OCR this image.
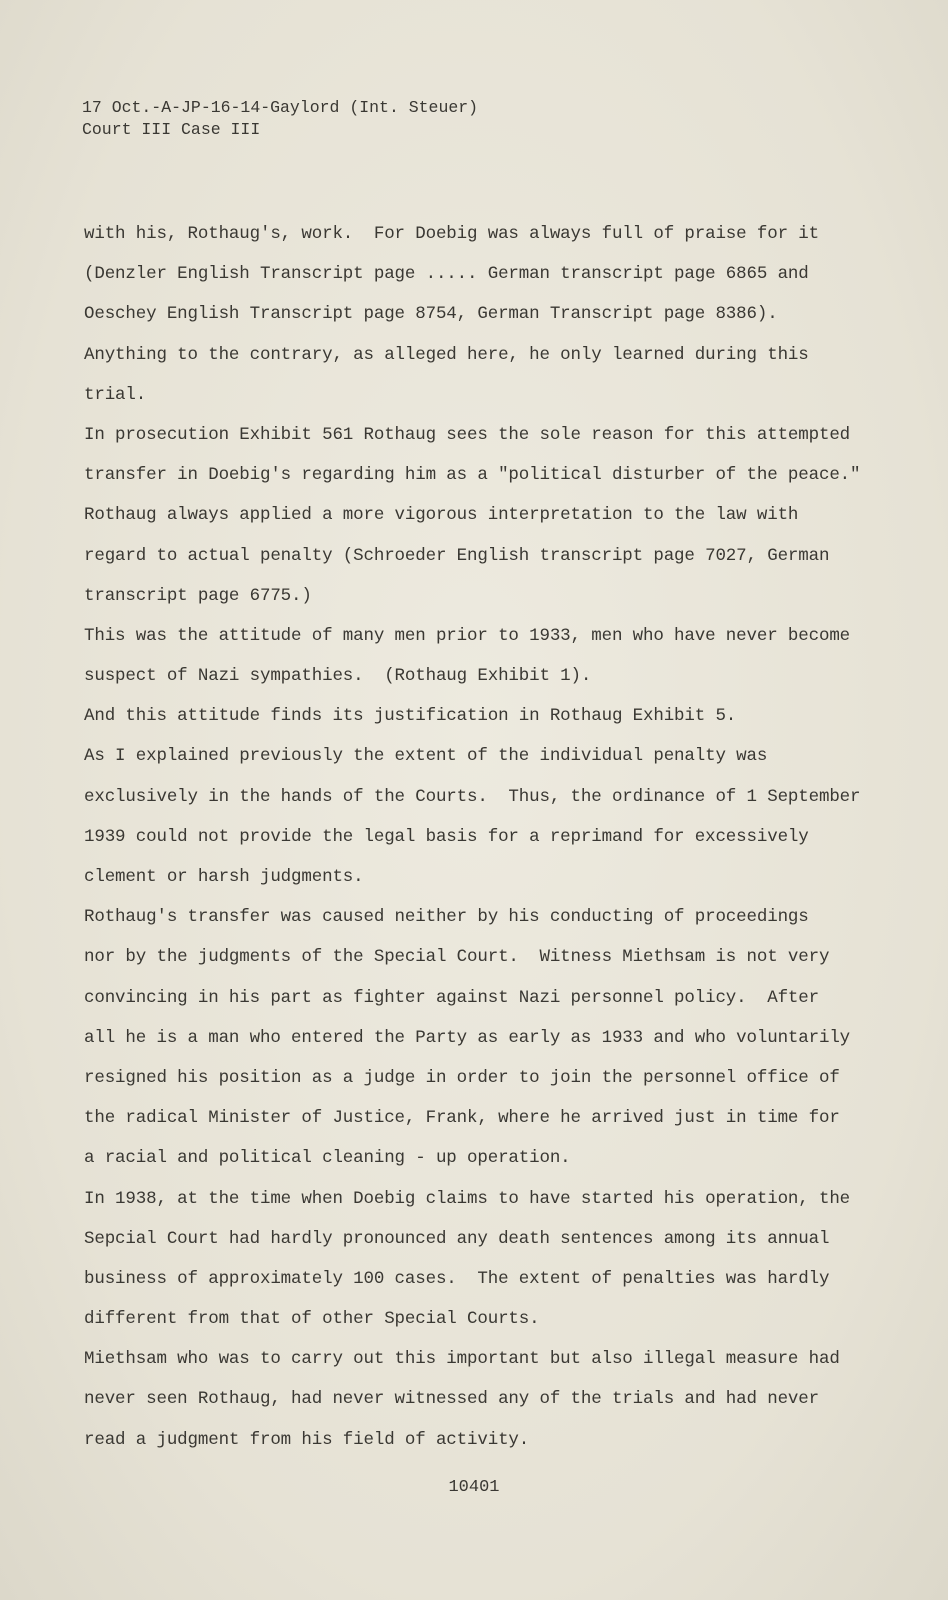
17 Oct.-A-JP-16-14-Gaylord (Int. Steuer)
Court III Case III
with his, Rothaug's, work.  For Doebig was always full of praise for it
(Denzler English Transcript page ..... German transcript page 6865 and
Oeschey English Transcript page 8754, German Transcript page 8386).
Anything to the contrary, as alleged here, he only learned during this
trial.
In prosecution Exhibit 561 Rothaug sees the sole reason for this attempted
transfer in Doebig's regarding him as a "political disturber of the peace."
Rothaug always applied a more vigorous interpretation to the law with
regard to actual penalty (Schroeder English transcript page 7027, German
transcript page 6775.)
This was the attitude of many men prior to 1933, men who have never become
suspect of Nazi sympathies.  (Rothaug Exhibit 1).
And this attitude finds its justification in Rothaug Exhibit 5.
As I explained previously the extent of the individual penalty was
exclusively in the hands of the Courts.  Thus, the ordinance of 1 September
1939 could not provide the legal basis for a reprimand for excessively
clement or harsh judgments.
Rothaug's transfer was caused neither by his conducting of proceedings
nor by the judgments of the Special Court.  Witness Miethsam is not very
convincing in his part as fighter against Nazi personnel policy.  After
all he is a man who entered the Party as early as 1933 and who voluntarily
resigned his position as a judge in order to join the personnel office of
the radical Minister of Justice, Frank, where he arrived just in time for
a racial and political cleaning - up operation.
In 1938, at the time when Doebig claims to have started his operation, the
Sepcial Court had hardly pronounced any death sentences among its annual
business of approximately 100 cases.  The extent of penalties was hardly
different from that of other Special Courts.
Miethsam who was to carry out this important but also illegal measure had
never seen Rothaug, had never witnessed any of the trials and had never
read a judgment from his field of activity.
10401
